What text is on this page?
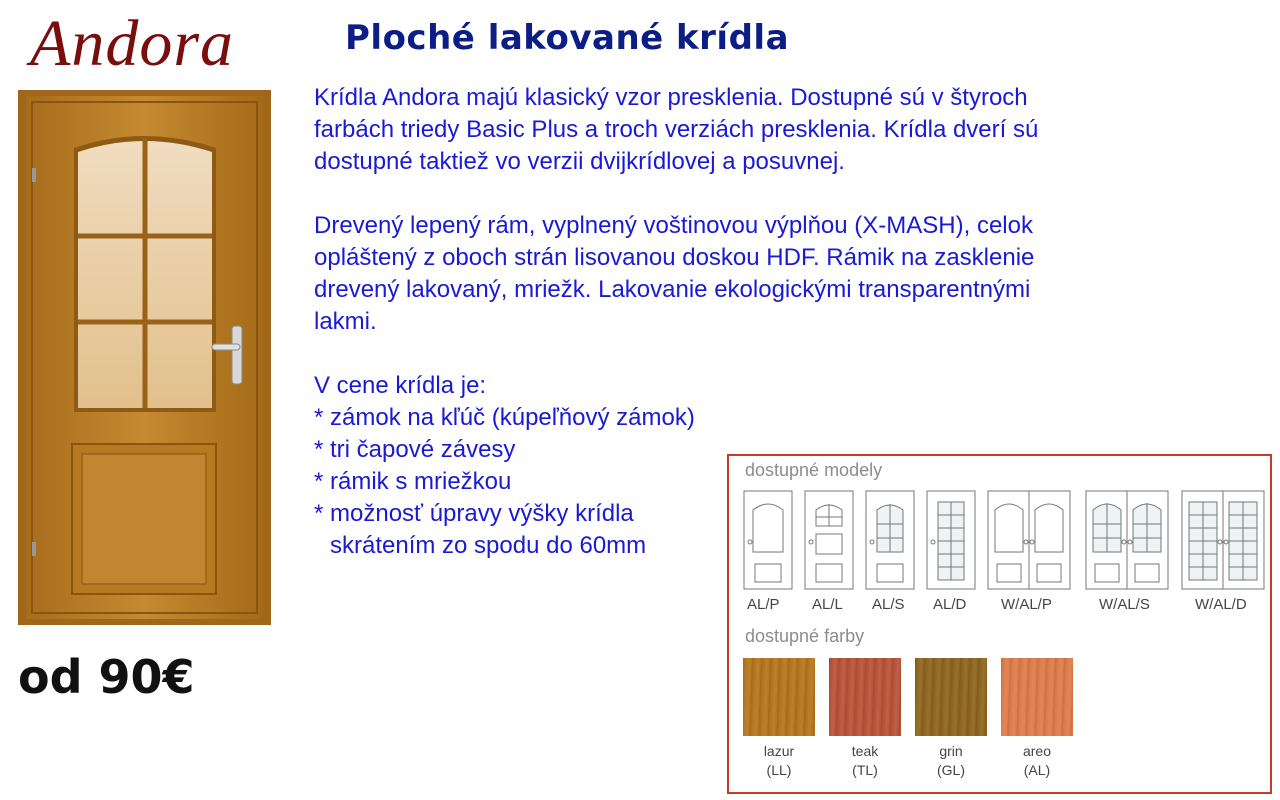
Andora	Ploché lakované krídla
od 90€

Krídla Andora majú klasický vzor presklenia. Dostupné sú v štyroch

farbách triedy Basic Plus a troch verziách presklenia. Krídla dverí sú

dostupné taktiež vo verzii dvijkrídlovej a posuvnej.

Drevený lepený rám, vyplnený voštinovou výplňou (X-MASH), celok

opláštený z oboch strán lisovanou doskou HDF. Rámik na zasklenie

drevený lakovaný, mriežk. Lakovanie ekologickými transparentnými

lakmi.

V cene krídla je:

* zámok na kľúč (kúpeľňový zámok)

* tri čapové závesy

* rámik s mriežkou

* možnosť úpravy výšky krídla

skrátením zo spodu do 60mm

dostupné modely
AL/P AL/L AL/S AL/D W/AL/P	W/AL/S	W/AL/D
dostupné farby
lazur
(LL)
teak
(TL)
grin
(GL)
areo
(AL)
